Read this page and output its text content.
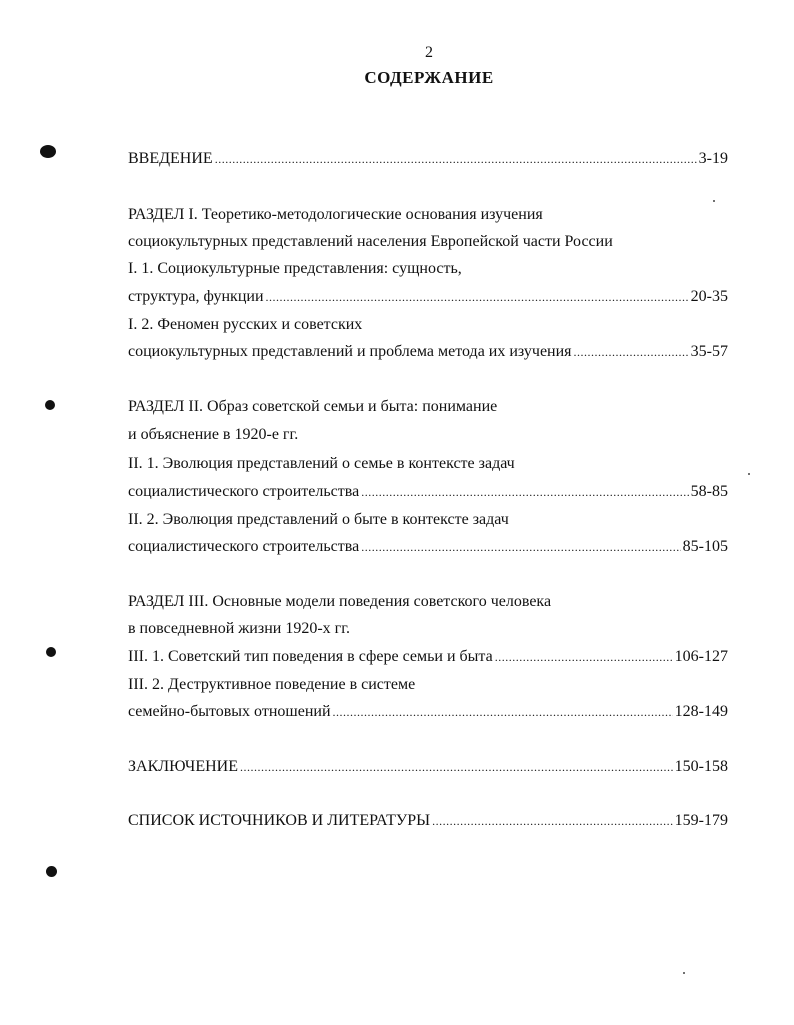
2
СОДЕРЖАНИЕ
ВВЕДЕНИЕ .....	3-19
РАЗДЕЛ I. Теоретико-методологические основания изучения
социокультурных представлений населения Европейской части России
I. 1. Социокультурные представления: сущность,
структура, функции .....	20-35
I. 2. Феномен русских и советских
социокультурных представлений и проблема метода их изучения .....	35-57
РАЗДЕЛ II. Образ советской семьи и быта: понимание
и объяснение в 1920-е гг.
II. 1. Эволюция представлений о семье в контексте задач
социалистического строительства .....	58-85
II. 2. Эволюция представлений о быте в контексте задач
социалистического строительства .....	85-105
РАЗДЕЛ III. Основные модели поведения советского человека
в повседневной жизни 1920-х гг.
III. 1. Советский тип поведения в сфере семьи и быта .....	106-127
III. 2. Деструктивное поведение в системе
семейно-бытовых отношений .....	128-149
ЗАКЛЮЧЕНИЕ .....	150-158
СПИСОК ИСТОЧНИКОВ И ЛИТЕРАТУРЫ .....	159-179
